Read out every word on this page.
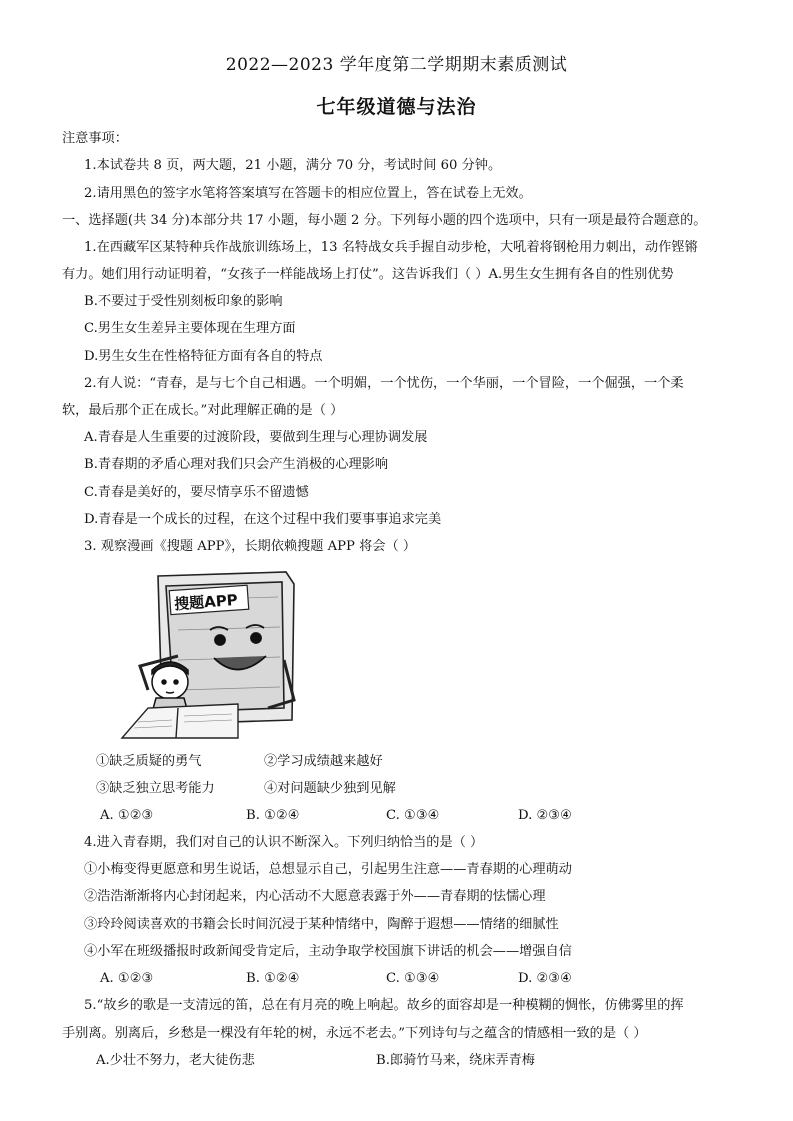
2022—2023 学年度第二学期期末素质测试
七年级道德与法治
注意事项：
1.本试卷共 8 页，两大题，21 小题，满分 70 分，考试时间 60 分钟。
2.请用黑色的签字水笔将答案填写在答题卡的相应位置上，答在试卷上无效。
一、选择题(共 34 分)本部分共 17 小题，每小题 2 分。下列每小题的四个选项中，只有一项是最符合题意的。
1.在西藏军区某特种兵作战旅训练场上，13 名特战女兵手握自动步枪，大吼着将钢枪用力刺出，动作铿锵
有力。她们用行动证明着，“女孩子一样能战场上打仗”。这告诉我们（ ）A.男生女生拥有各自的性别优势
B.不要过于受性别刻板印象的影响
C.男生女生差异主要体现在生理方面
D.男生女生在性格特征方面有各自的特点
2.有人说：“青春，是与七个自己相遇。一个明媚，一个忧伤，一个华丽，一个冒险，一个倔强，一个柔
软，最后那个正在成长。”对此理解正确的是（ ）
A.青春是人生重要的过渡阶段，要做到生理与心理协调发展
B.青春期的矛盾心理对我们只会产生消极的心理影响
C.青春是美好的，要尽情享乐不留遗憾
D.青春是一个成长的过程，在这个过程中我们要事事追求完美
3. 观察漫画《搜题 APP》，长期依赖搜题 APP 将会（ ）
搜题APP
①缺乏质疑的勇气	②学习成绩越来越好
③缺乏独立思考能力	④对问题缺少独到见解
A. ①②③	B. ①②④	C. ①③④	D. ②③④
4.进入青春期，我们对自己的认识不断深入。下列归纳恰当的是（ ）
①小梅变得更愿意和男生说话，总想显示自己，引起男生注意——青春期的心理萌动
②浩浩渐渐将内心封闭起来，内心活动不大愿意表露于外——青春期的怯懦心理
③玲玲阅读喜欢的书籍会长时间沉浸于某种情绪中，陶醉于遐想——情绪的细腻性
④小军在班级播报时政新闻受肯定后，主动争取学校国旗下讲话的机会——增强自信
A. ①②③	B. ①②④	C. ①③④	D. ②③④
5.“故乡的歌是一支清远的笛，总在有月亮的晚上响起。故乡的面容却是一种模糊的惆怅，仿佛雾里的挥
手别离。别离后，乡愁是一棵没有年轮的树，永远不老去。”下列诗句与之蕴含的情感相一致的是（ ）
A.少壮不努力，老大徒伤悲	B.郎骑竹马来，绕床弄青梅
